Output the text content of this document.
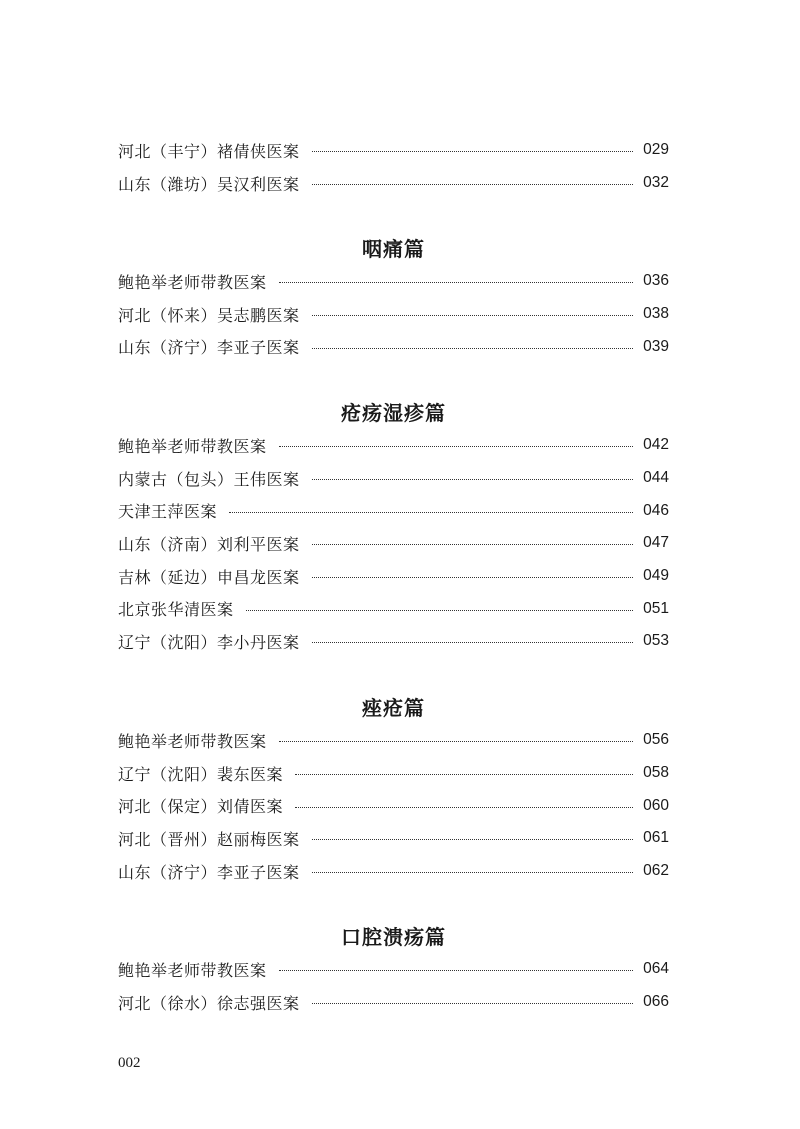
河北（丰宁）褚倩侠医案	029
山东（潍坊）吴汉利医案	032
咽痛篇
鲍艳举老师带教医案	036
河北（怀来）吴志鹏医案	038
山东（济宁）李亚子医案	039
疮疡湿疹篇
鲍艳举老师带教医案	042
内蒙古（包头）王伟医案	044
天津王萍医案	046
山东（济南）刘利平医案	047
吉林（延边）申昌龙医案	049
北京张华清医案	051
辽宁（沈阳）李小丹医案	053
痤疮篇
鲍艳举老师带教医案	056
辽宁（沈阳）裴东医案	058
河北（保定）刘倩医案	060
河北（晋州）赵丽梅医案	061
山东（济宁）李亚子医案	062
口腔溃疡篇
鲍艳举老师带教医案	064
河北（徐水）徐志强医案	066
002
